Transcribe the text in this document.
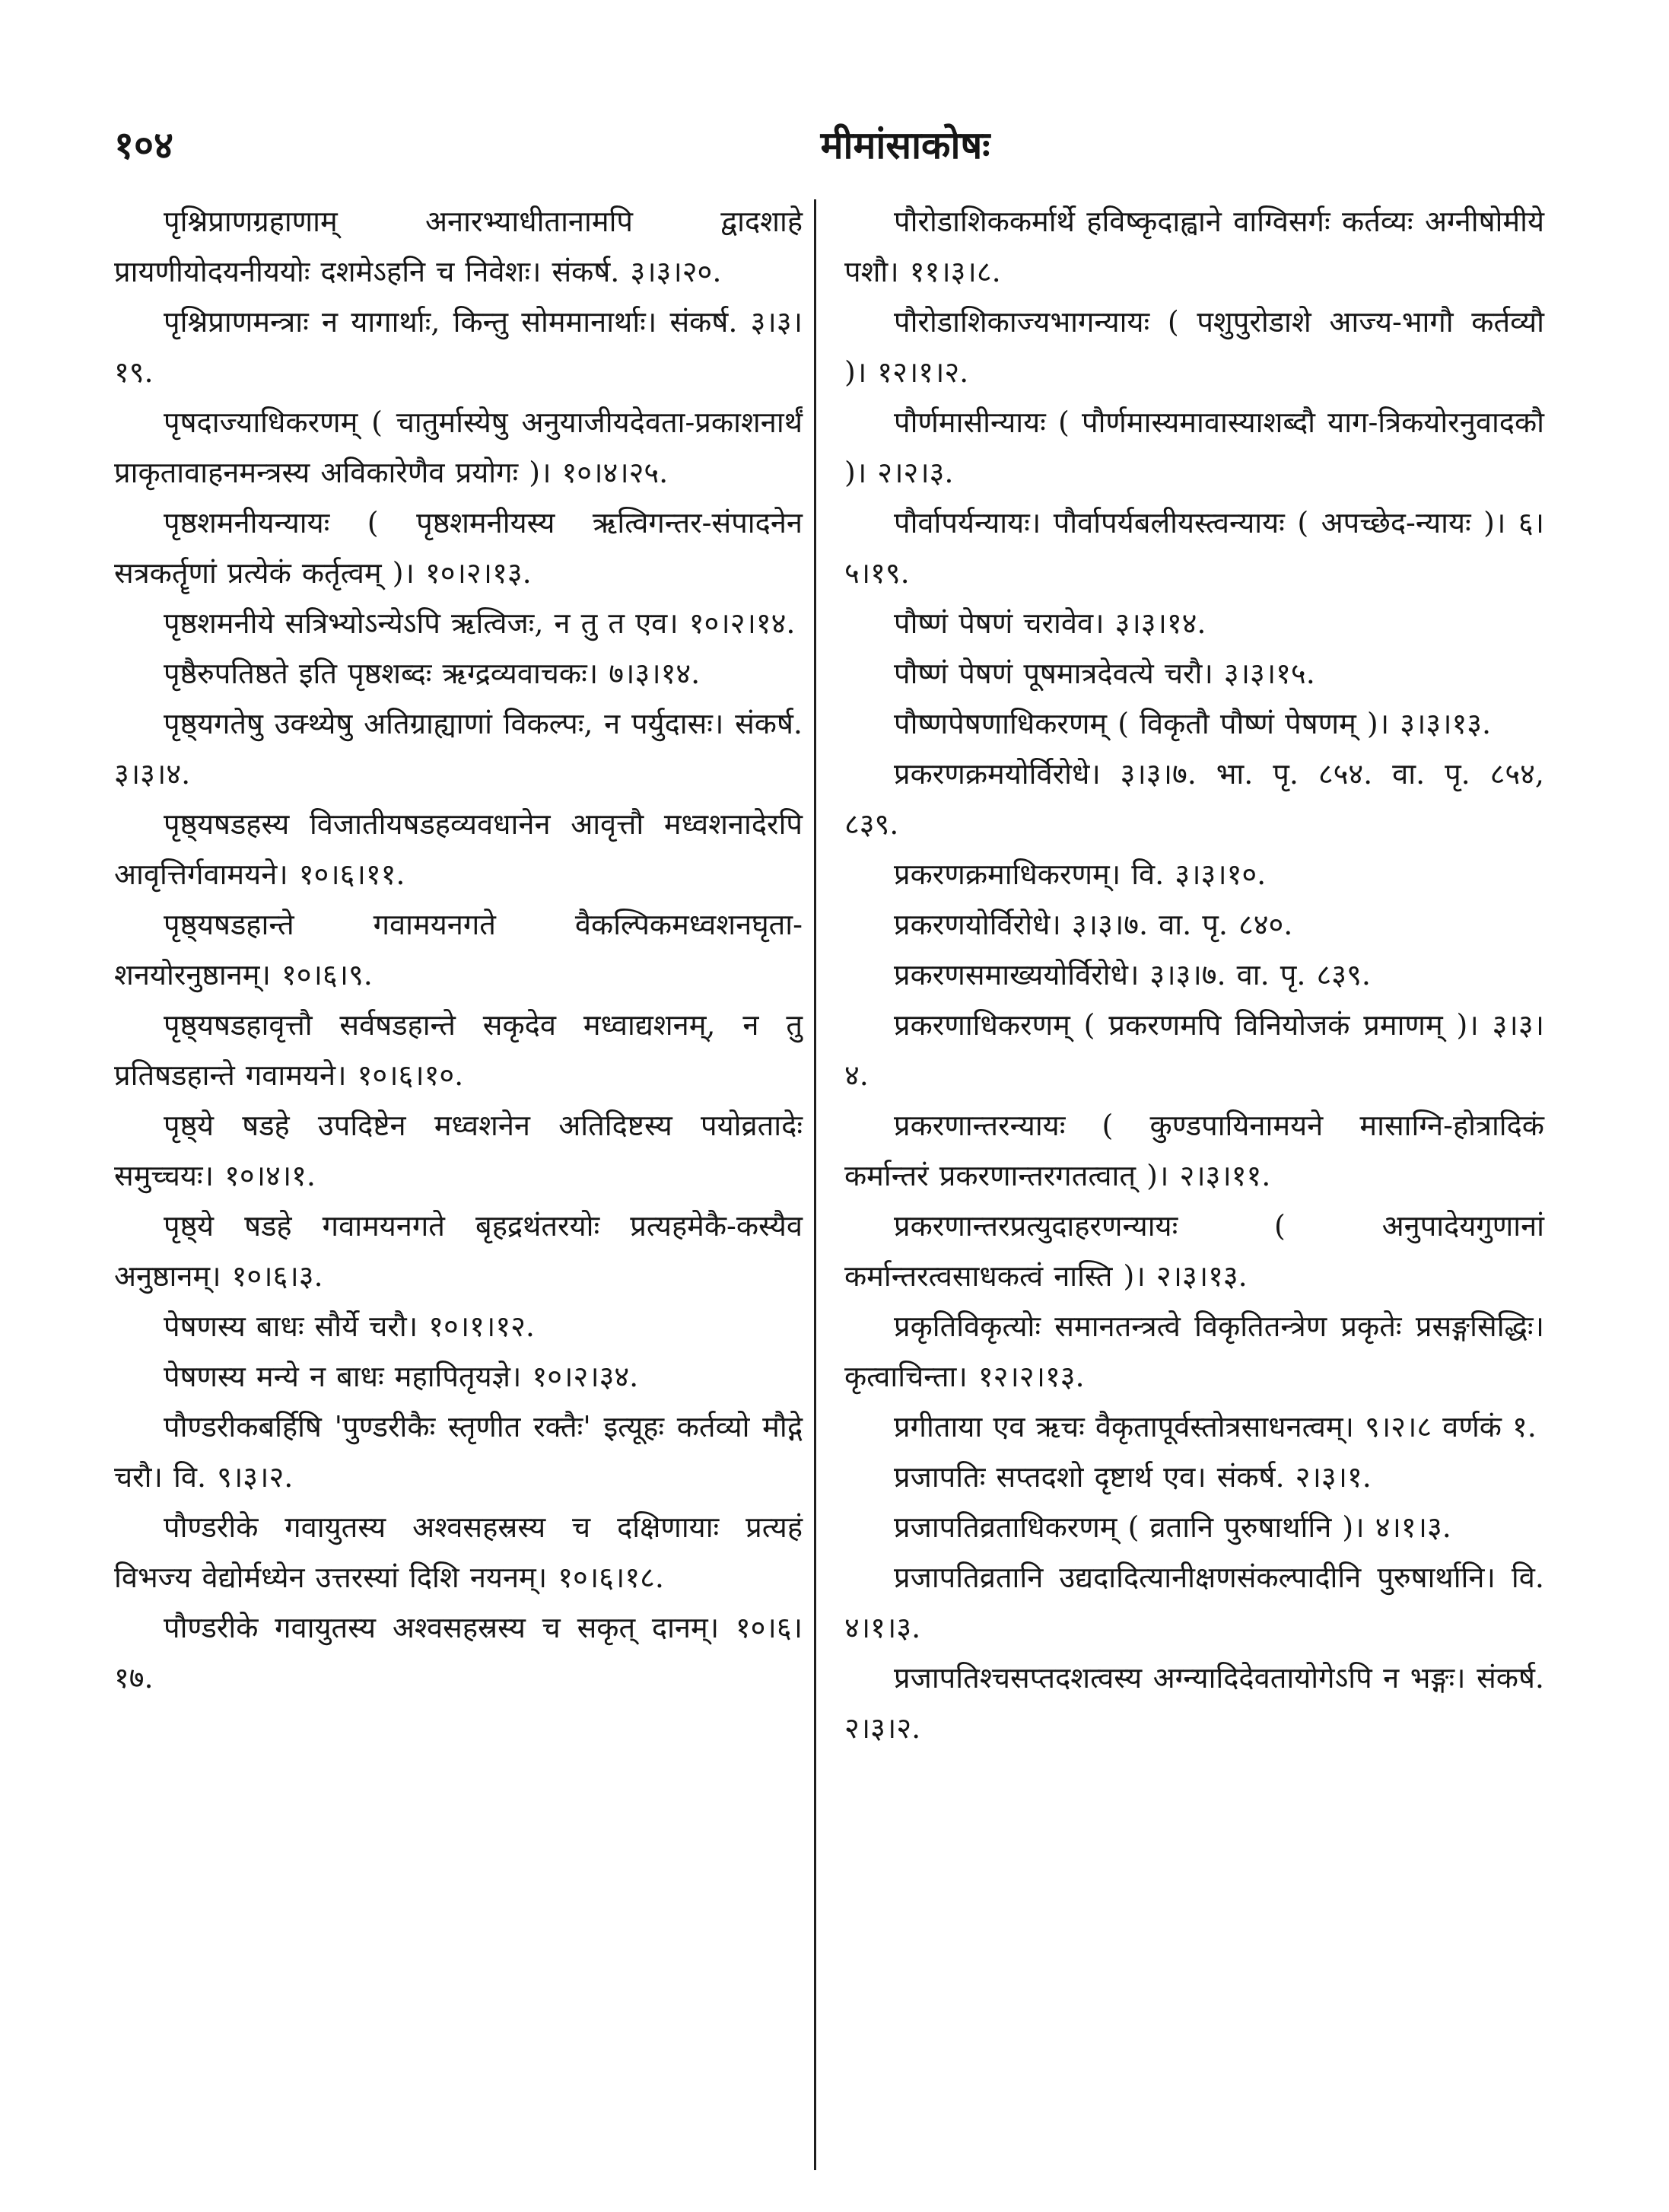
१०४	मीमांसाकोषः

पृश्निप्राणग्रहाणाम् अनारभ्याधीतानामपि द्वादशाहे प्रायणीयोदयनीययोः दशमेऽहनि च निवेशः। संकर्ष. ३।३।२०.

पृश्निप्राणमन्त्राः न यागार्थाः, किन्तु सोममानार्थाः। संकर्ष. ३।३।१९.

पृषदाज्याधिकरणम् ( चातुर्मास्येषु अनुयाजीयदेवता-प्रकाशनार्थं प्राकृतावाहनमन्त्रस्य अविकारेणैव प्रयोगः )। १०।४।२५.

पृष्ठशमनीयन्यायः ( पृष्ठशमनीयस्य ऋत्विगन्तर-संपादनेन सत्रकर्तॄणां प्रत्येकं कर्तृत्वम् )। १०।२।१३.

पृष्ठशमनीये सत्रिभ्योऽन्येऽपि ऋत्विजः, न तु त एव। १०।२।१४.

पृष्ठैरुपतिष्ठते इति पृष्ठशब्दः ऋग्द्रव्यवाचकः। ७।३।१४.

पृष्ठ्यगतेषु उक्थ्येषु अतिग्राह्याणां विकल्पः, न पर्युदासः। संकर्ष. ३।३।४.

पृष्ठ्यषडहस्य विजातीयषडहव्यवधानेन आवृत्तौ मध्वशनादेरपि आवृत्तिर्गवामयने। १०।६।११.

पृष्ठ्यषडहान्ते गवामयनगते वैकल्पिकमध्वशनघृता-शनयोरनुष्ठानम्। १०।६।९.

पृष्ठ्यषडहावृत्तौ सर्वषडहान्ते सकृदेव मध्वाद्यशनम्, न तु प्रतिषडहान्ते गवामयने। १०।६।१०.

पृष्ठ्ये षडहे उपदिष्टेन मध्वशनेन अतिदिष्टस्य पयोव्रतादेः समुच्चयः। १०।४।१.

पृष्ठ्ये षडहे गवामयनगते बृहद्रथंतरयोः प्रत्यहमेकै-कस्यैव अनुष्ठानम्। १०।६।३.

पेषणस्य बाधः सौर्ये चरौ। १०।१।१२.

पेषणस्य मन्ये न बाधः महापितृयज्ञे। १०।२।३४.

पौण्डरीकबर्हिषि 'पुण्डरीकैः स्तृणीत रक्तैः' इत्यूहः कर्तव्यो मौद्गे चरौ। वि. ९।३।२.

पौण्डरीके गवायुतस्य अश्वसहस्रस्य च दक्षिणायाः प्रत्यहं विभज्य वेद्योर्मध्येन उत्तरस्यां दिशि नयनम्। १०।६।१८.

पौण्डरीके गवायुतस्य अश्वसहस्रस्य च सकृत् दानम्। १०।६।१७.

पौरोडाशिककर्मार्थे हविष्कृदाह्वाने वाग्विसर्गः कर्तव्यः अग्नीषोमीये पशौ। ११।३।८.

पौरोडाशिकाज्यभागन्यायः ( पशुपुरोडाशे आज्य-भागौ कर्तव्यौ )। १२।१।२.

पौर्णमासीन्यायः ( पौर्णमास्यमावास्याशब्दौ याग-त्रिकयोरनुवादकौ )। २।२।३.

पौर्वापर्यन्यायः। पौर्वापर्यबलीयस्त्वन्यायः ( अपच्छेद-न्यायः )। ६।५।१९.

पौष्णं पेषणं चरावेव। ३।३।१४.

पौष्णं पेषणं पूषमात्रदेवत्ये चरौ। ३।३।१५.

पौष्णपेषणाधिकरणम् ( विकृतौ पौष्णं पेषणम् )। ३।३।१३.

प्रकरणक्रमयोर्विरोधे। ३।३।७. भा. पृ. ८५४. वा. पृ. ८५४, ८३९.

प्रकरणक्रमाधिकरणम्। वि. ३।३।१०.

प्रकरणयोर्विरोधे। ३।३।७. वा. पृ. ८४०.

प्रकरणसमाख्ययोर्विरोधे। ३।३।७. वा. पृ. ८३९.

प्रकरणाधिकरणम् ( प्रकरणमपि विनियोजकं प्रमाणम् )। ३।३।४.

प्रकरणान्तरन्यायः ( कुण्डपायिनामयने मासाग्नि-होत्रादिकं कर्मान्तरं प्रकरणान्तरगतत्वात् )। २।३।११.

प्रकरणान्तरप्रत्युदाहरणन्यायः ( अनुपादेयगुणानां कर्मान्तरत्वसाधकत्वं नास्ति )। २।३।१३.

प्रकृतिविकृत्योः समानतन्त्रत्वे विकृतितन्त्रेण प्रकृतेः प्रसङ्गसिद्धिः। कृत्वाचिन्ता। १२।२।१३.

प्रगीताया एव ऋचः वैकृतापूर्वस्तोत्रसाधनत्वम्। ९।२।८ वर्णकं १.

प्रजापतिः सप्तदशो दृष्टार्थ एव। संकर्ष. २।३।१.

प्रजापतिव्रताधिकरणम् ( व्रतानि पुरुषार्थानि )। ४।१।३.

प्रजापतिव्रतानि उद्यदादित्यानीक्षणसंकल्पादीनि पुरुषार्थानि। वि. ४।१।३.

प्रजापतिश्चसप्तदशत्वस्य अग्न्यादिदेवतायोगेऽपि न भङ्गः। संकर्ष. २।३।२.
